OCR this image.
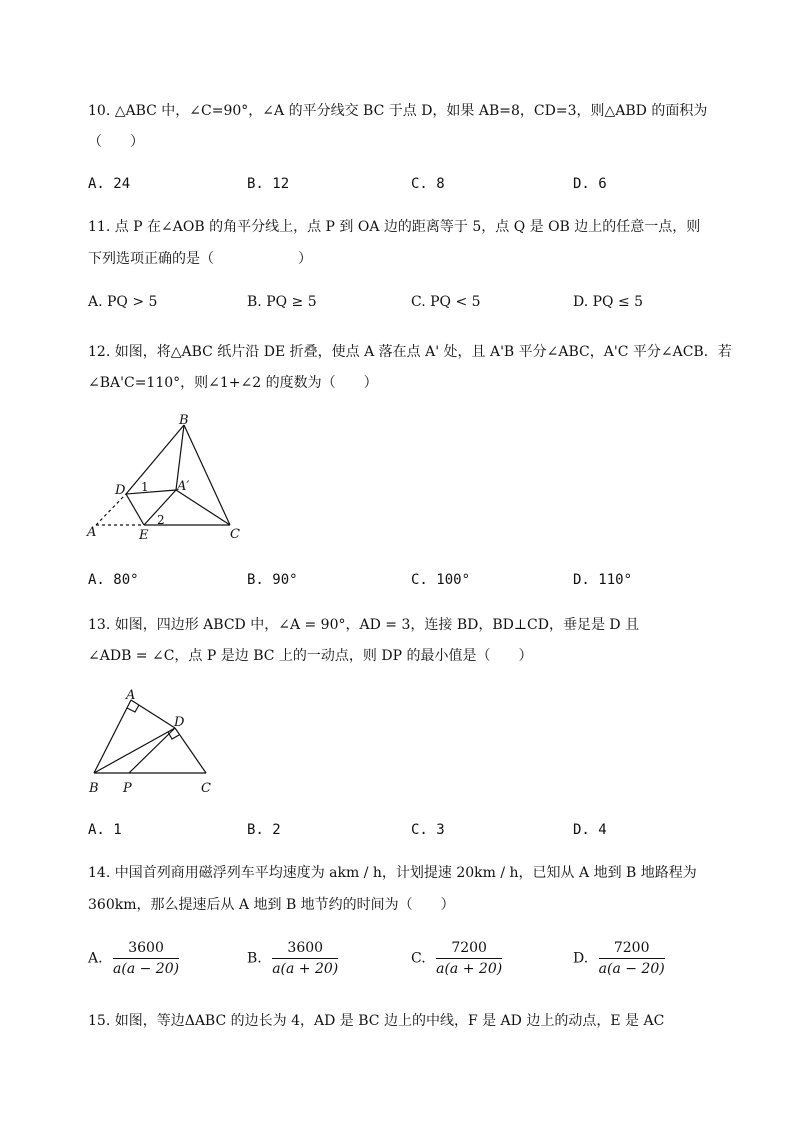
10. △ABC 中，∠C=90°，∠A 的平分线交 BC 于点 D，如果 AB=8，CD=3，则△ABD 的面积为
（　　）
A. 24	B. 12	C. 8	D. 6
11. 点 P 在∠AOB 的角平分线上，点 P 到 OA 边的距离等于 5，点 Q 是 OB 边上的任意一点，则
下列选项正确的是（　　　　　　）
A. PQ > 5	B. PQ ≥ 5	C. PQ < 5	D. PQ ≤ 5
12. 如图，将△ABC 纸片沿 DE 折叠，使点 A 落在点 A' 处，且 A'B 平分∠ABC，A'C 平分∠ACB．若
∠BA'C=110°，则∠1+∠2 的度数为（　　）
B
D	A′
A	E	C
1
2
A. 80°	B. 90°	C. 100°	D. 110°
13. 如图，四边形 ABCD 中，∠A = 90°，AD = 3，连接 BD，BD⊥CD，垂足是 D 且
∠ADB = ∠C，点 P 是边 BC 上的一动点，则 DP 的最小值是（　　）
A
D
B P	C
A. 1	B. 2	C. 3	D. 4
14. 中国首列商用磁浮列车平均速度为 akm / h，计划提速 20km / h，已知从 A 地到 B 地路程为
360km，那么提速后从 A 地到 B 地节约的时间为（　　）
A. $\frac{3600}{a(a - 20)}$	B. $\frac{3600}{a(a + 20)}$	C. $\frac{7200}{a(a + 20)}$	D. $\frac{7200}{a(a - 20)}$
15. 如图，等边ΔABC 的边长为 4，AD 是 BC 边上的中线，F 是 AD 边上的动点，E 是 AC
